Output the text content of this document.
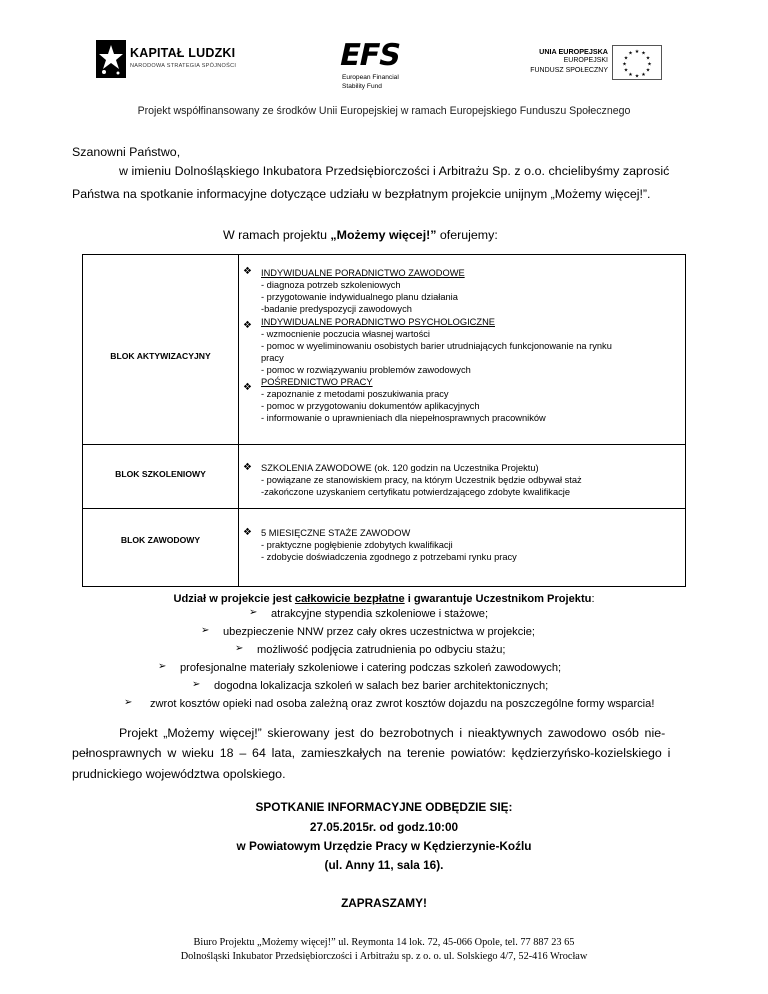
KAPITAŁ LUDZKI
NARODOWA STRATEGIA SPÓJNOŚCI	EFS
European Financial
Stability Fund
UNIA EUROPEJSKA
EUROPEJSKI
FUNDUSZ SPOŁECZNY
★ ★
★
★
★
★
★
★
★
★
★
★
Projekt współfinansowany ze środków Unii Europejskiej w ramach Europejskiego Funduszu Społecznego
Szanowni Państwo,
w imieniu Dolnośląskiego Inkubatora Przedsiębiorczości i Arbitrażu Sp. z o.o. chcielibyśmy zaprosić
Państwa na spotkanie informacyjne dotyczące udziału w bezpłatnym projekcie unijnym „Możemy więcej!”.
W ramach projektu „Możemy więcej!” oferujemy:
BLOK AKTYWIZACYJNY
❖ INDYWIDUALNE PORADNICTWO ZAWODOWE
- diagnoza potrzeb szkoleniowych
- przygotowanie indywidualnego planu działania
-badanie predyspozycji zawodowych
❖ INDYWIDUALNE PORADNICTWO PSYCHOLOGICZNE
- wzmocnienie poczucia własnej wartości
- pomoc w wyeliminowaniu osobistych barier utrudniających funkcjonowanie na rynku
pracy
- pomoc w rozwiązywaniu problemów zawodowych
❖ POŚREDNICTWO PRACY
- zapoznanie z metodami poszukiwania pracy
- pomoc w przygotowaniu dokumentów aplikacyjnych
- informowanie o uprawnieniach dla niepełnosprawnych pracowników
BLOK SZKOLENIOWY
❖ SZKOLENIA ZAWODOWE (ok. 120 godzin na Uczestnika Projektu)
- powiązane ze stanowiskiem pracy, na którym Uczestnik będzie odbywał staż
-zakończone uzyskaniem certyfikatu potwierdzającego zdobyte kwalifikacje
BLOK ZAWODOWY
❖ 5 MIESIĘCZNE STAŻE ZAWODOW
- praktyczne pogłębienie zdobytych kwalifikacji
- zdobycie doświadczenia zgodnego z potrzebami rynku pracy
Udział w projekcie jest całkowicie bezpłatne i gwarantuje Uczestnikom Projektu:
➢ atrakcyjne stypendia szkoleniowe i stażowe;
➢ ubezpieczenie NNW przez cały okres uczestnictwa w projekcie;
➢ możliwość podjęcia zatrudnienia po odbyciu stażu;
➢ profesjonalne materiały szkoleniowe i catering podczas szkoleń zawodowych;
➢ dogodna lokalizacja szkoleń w salach bez barier architektonicznych;
➢ zwrot kosztów opieki nad osoba zależną oraz zwrot kosztów dojazdu na poszczególne formy wsparcia!
Projekt „Możemy więcej!” skierowany jest do bezrobotnych i nieaktywnych zawodowo osób nie-
pełnosprawnych w wieku 18 – 64 lata, zamieszkałych na terenie powiatów: kędzierzyńsko-kozielskiego i
prudnickiego województwa opolskiego.
SPOTKANIE INFORMACYJNE ODBĘDZIE SIĘ:
27.05.2015r. od godz.10:00
w Powiatowym Urzędzie Pracy w Kędzierzynie-Koźlu
(ul. Anny 11, sala 16).
ZAPRASZAMY!
Biuro Projektu „Możemy więcej!” ul. Reymonta 14 lok. 72, 45-066 Opole, tel. 77 887 23 65
Dolnośląski Inkubator Przedsiębiorczości i Arbitrażu sp. z o. o. ul. Solskiego 4/7, 52-416 Wrocław
